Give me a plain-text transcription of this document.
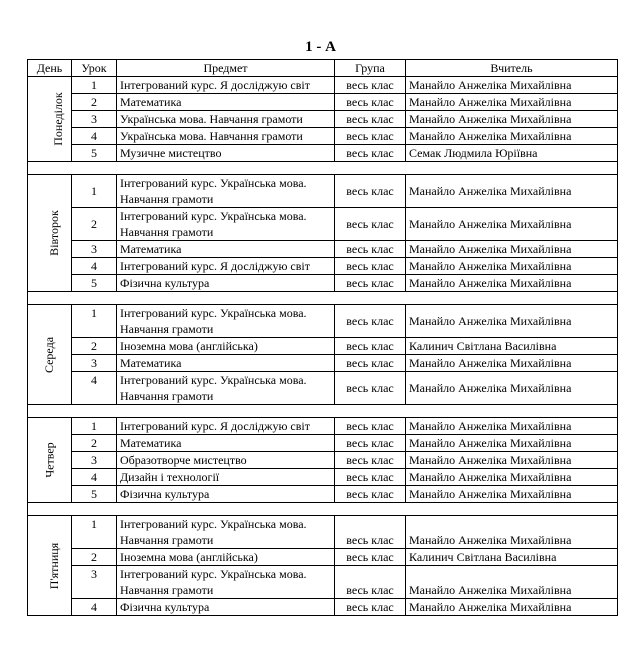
1 - А
День	Урок	Предмет	Група	Вчитель
Понеділок	1	Інтегрований курс. Я досліджую світ	весь клас	Манайло Анжеліка Михайлівна
	2	Математика	весь клас	Манайло Анжеліка Михайлівна
	3	Українська мова. Навчання грамоти	весь клас	Манайло Анжеліка Михайлівна
	4	Українська мова. Навчання грамоти	весь клас	Манайло Анжеліка Михайлівна
	5	Музичне мистецтво	весь клас	Семак Людмила Юріївна

Вівторок	1	Інтегрований курс. Українська мова. Навчання грамоти	весь клас	Манайло Анжеліка Михайлівна
	2	Інтегрований курс. Українська мова. Навчання грамоти	весь клас	Манайло Анжеліка Михайлівна
	3	Математика	весь клас	Манайло Анжеліка Михайлівна
	4	Інтегрований курс. Я досліджую світ	весь клас	Манайло Анжеліка Михайлівна
	5	Фізична культура	весь клас	Манайло Анжеліка Михайлівна

Середа	1	Інтегрований курс. Українська мова. Навчання грамоти	весь клас	Манайло Анжеліка Михайлівна
	2	Іноземна мова (англійська)	весь клас	Калинич Світлана Василівна
	3	Математика	весь клас	Манайло Анжеліка Михайлівна
	4	Інтегрований курс. Українська мова. Навчання грамоти	весь клас	Манайло Анжеліка Михайлівна

Четвер	1	Інтегрований курс. Я досліджую світ	весь клас	Манайло Анжеліка Михайлівна
	2	Математика	весь клас	Манайло Анжеліка Михайлівна
	3	Образотворче мистецтво	весь клас	Манайло Анжеліка Михайлівна
	4	Дизайн і технології	весь клас	Манайло Анжеліка Михайлівна
	5	Фізична культура	весь клас	Манайло Анжеліка Михайлівна

П'ятниця	1	Інтегрований курс. Українська мова. Навчання грамоти	весь клас	Манайло Анжеліка Михайлівна
	2	Іноземна мова (англійська)	весь клас	Калинич Світлана Василівна
	3	Інтегрований курс. Українська мова. Навчання грамоти	весь клас	Манайло Анжеліка Михайлівна
	4	Фізична культура	весь клас	Манайло Анжеліка Михайлівна
